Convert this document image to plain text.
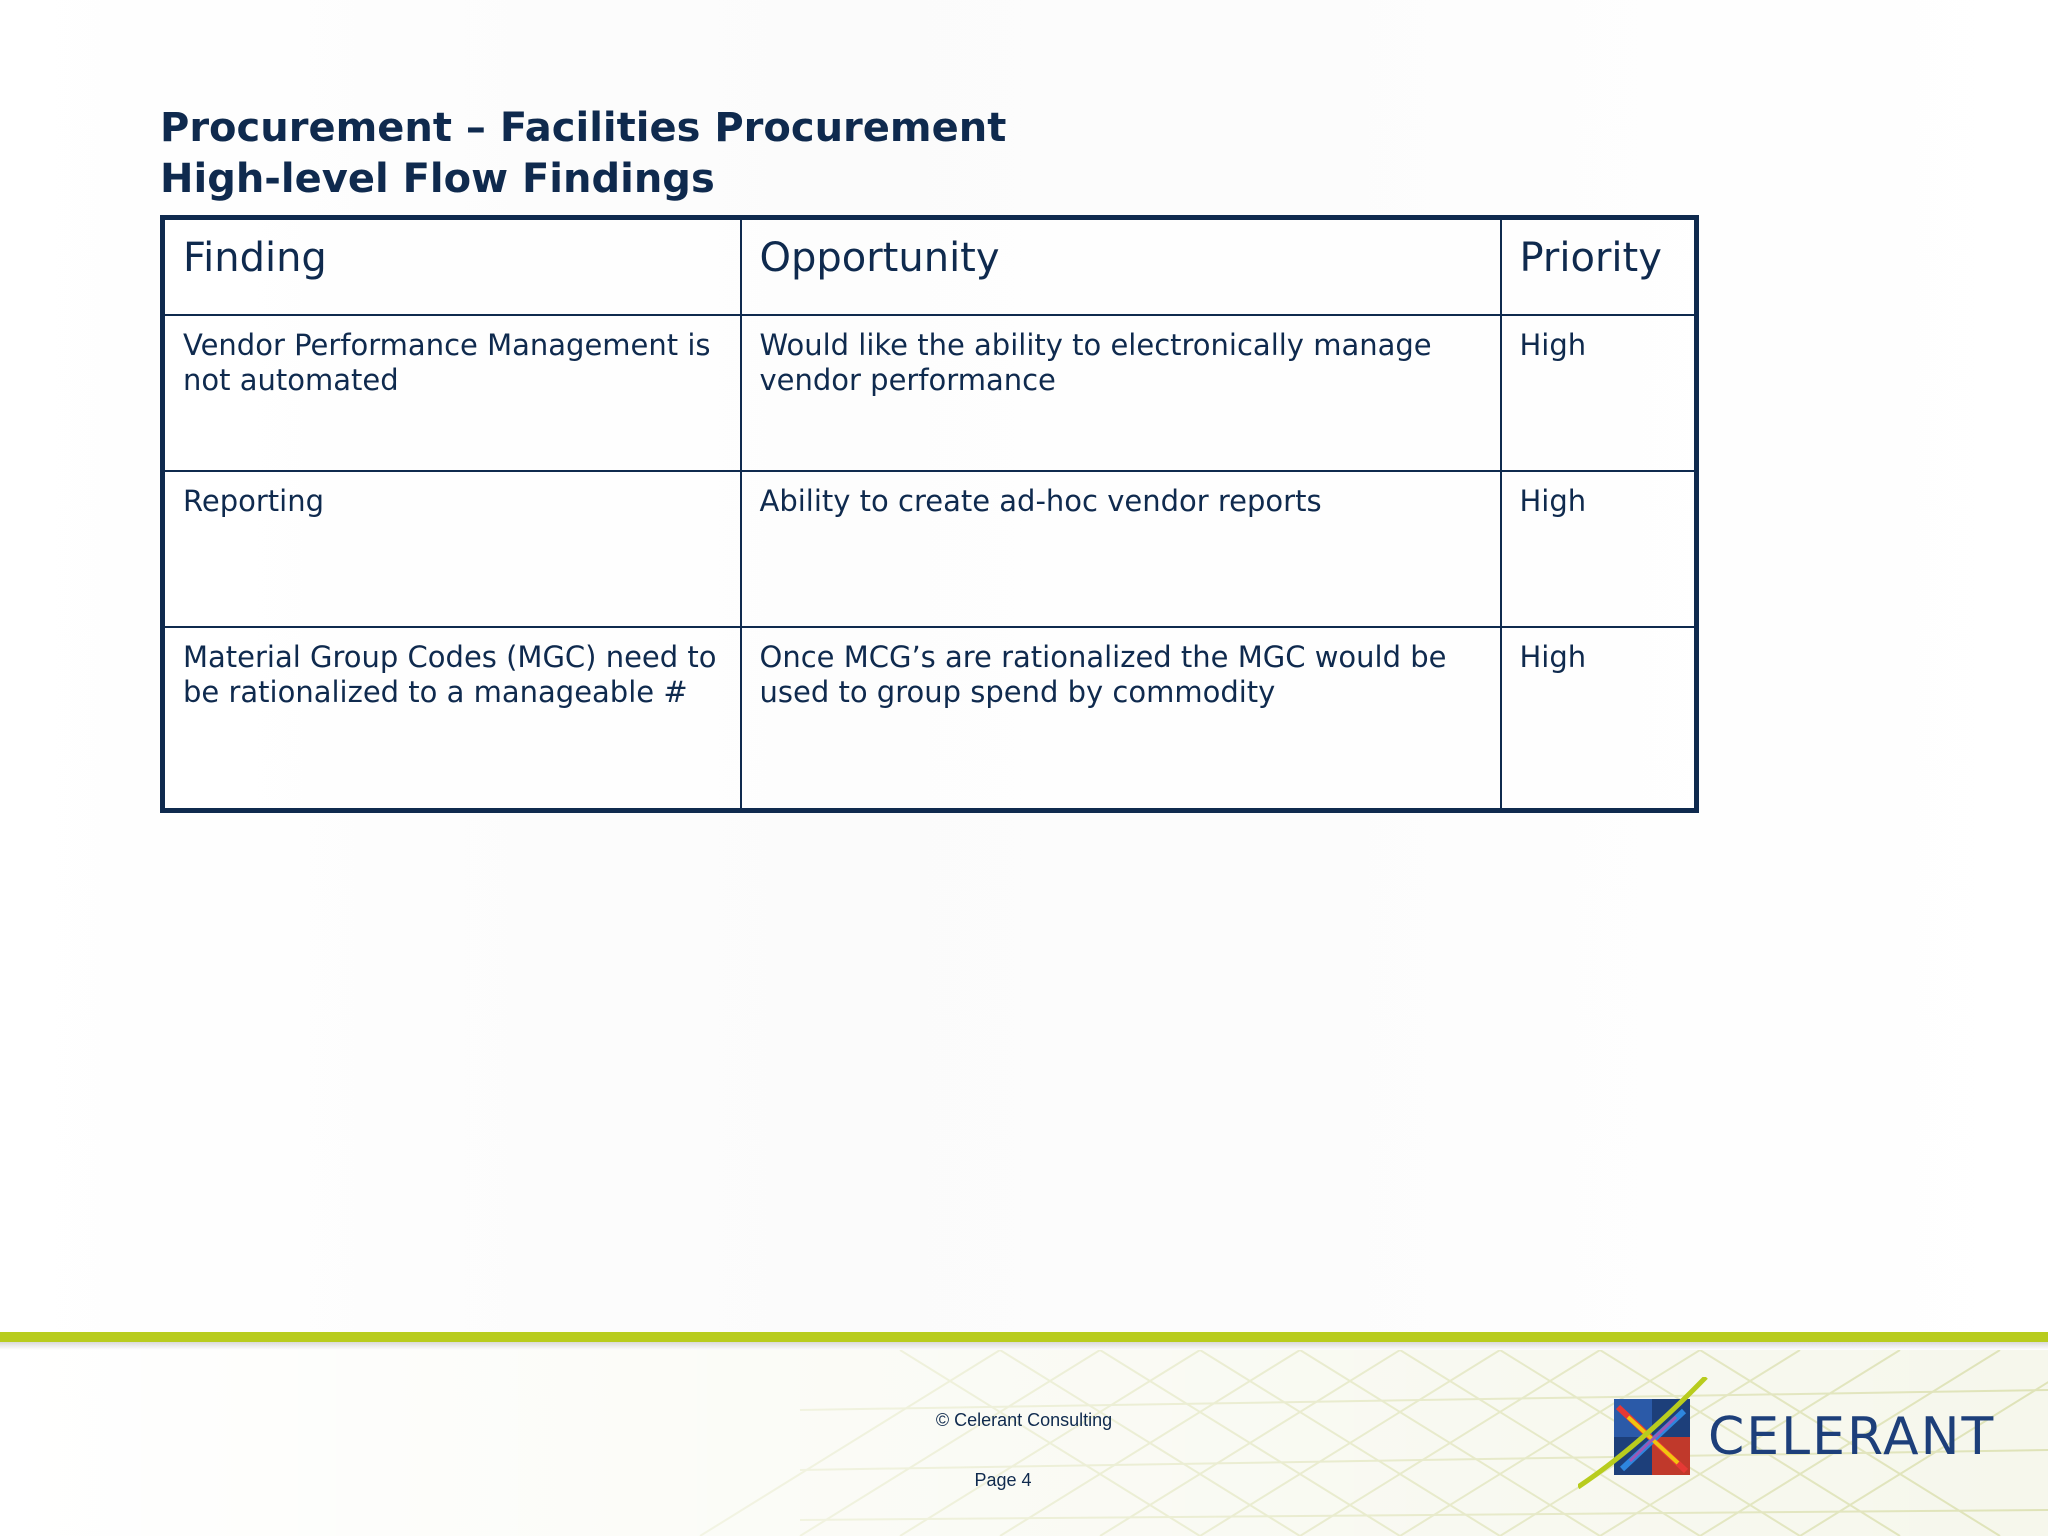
Procurement – Facilities Procurement
High-level Flow Findings
Finding	Opportunity	Priority
Vendor Performance Management is not automated	Would like the ability to electronically manage vendor performance	High
Reporting	Ability to create ad-hoc vendor reports	High
Material Group Codes (MGC) need to be rationalized to a manageable #	Once MCG’s are rationalized the MGC would be used to group spend by commodity	High
© Celerant Consulting
Page 4
CELERANT
